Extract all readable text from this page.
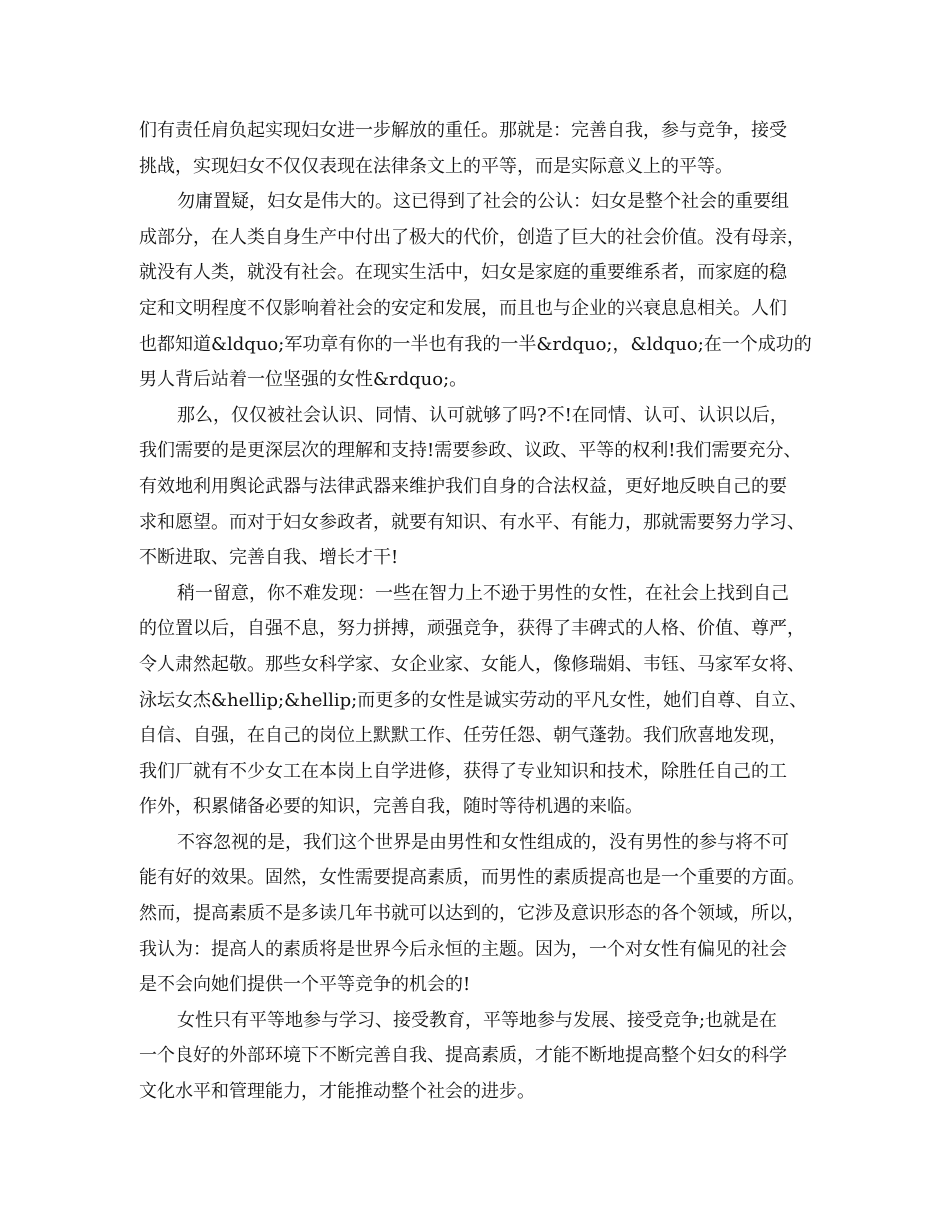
们有责任肩负起实现妇女进一步解放的重任。那就是：完善自我，参与竞争，接受
挑战，实现妇女不仅仅表现在法律条文上的平等，而是实际意义上的平等。
勿庸置疑，妇女是伟大的。这已得到了社会的公认：妇女是整个社会的重要组
成部分，在人类自身生产中付出了极大的代价，创造了巨大的社会价值。没有母亲，
就没有人类，就没有社会。在现实生活中，妇女是家庭的重要维系者，而家庭的稳
定和文明程度不仅影响着社会的安定和发展，而且也与企业的兴衰息息相关。人们
也都知道&ldquo;军功章有你的一半也有我的一半&rdquo;，&ldquo;在一个成功的
男人背后站着一位坚强的女性&rdquo;。
那么，仅仅被社会认识、同情、认可就够了吗?不!在同情、认可、认识以后，
我们需要的是更深层次的理解和支持!需要参政、议政、平等的权利!我们需要充分、
有效地利用舆论武器与法律武器来维护我们自身的合法权益，更好地反映自己的要
求和愿望。而对于妇女参政者，就要有知识、有水平、有能力，那就需要努力学习、
不断进取、完善自我、增长才干!
稍一留意，你不难发现：一些在智力上不逊于男性的女性，在社会上找到自己
的位置以后，自强不息，努力拼搏，顽强竞争，获得了丰碑式的人格、价值、尊严，
令人肃然起敬。那些女科学家、女企业家、女能人，像修瑞娟、韦钰、马家军女将、
泳坛女杰&hellip;&hellip;而更多的女性是诚实劳动的平凡女性，她们自尊、自立、
自信、自强，在自己的岗位上默默工作、任劳任怨、朝气蓬勃。我们欣喜地发现，
我们厂就有不少女工在本岗上自学进修，获得了专业知识和技术，除胜任自己的工
作外，积累储备必要的知识，完善自我，随时等待机遇的来临。
不容忽视的是，我们这个世界是由男性和女性组成的，没有男性的参与将不可
能有好的效果。固然，女性需要提高素质，而男性的素质提高也是一个重要的方面。
然而，提高素质不是多读几年书就可以达到的，它涉及意识形态的各个领域，所以，
我认为：提高人的素质将是世界今后永恒的主题。因为，一个对女性有偏见的社会
是不会向她们提供一个平等竞争的机会的!
女性只有平等地参与学习、接受教育，平等地参与发展、接受竞争;也就是在
一个良好的外部环境下不断完善自我、提高素质，才能不断地提高整个妇女的科学
文化水平和管理能力，才能推动整个社会的进步。
